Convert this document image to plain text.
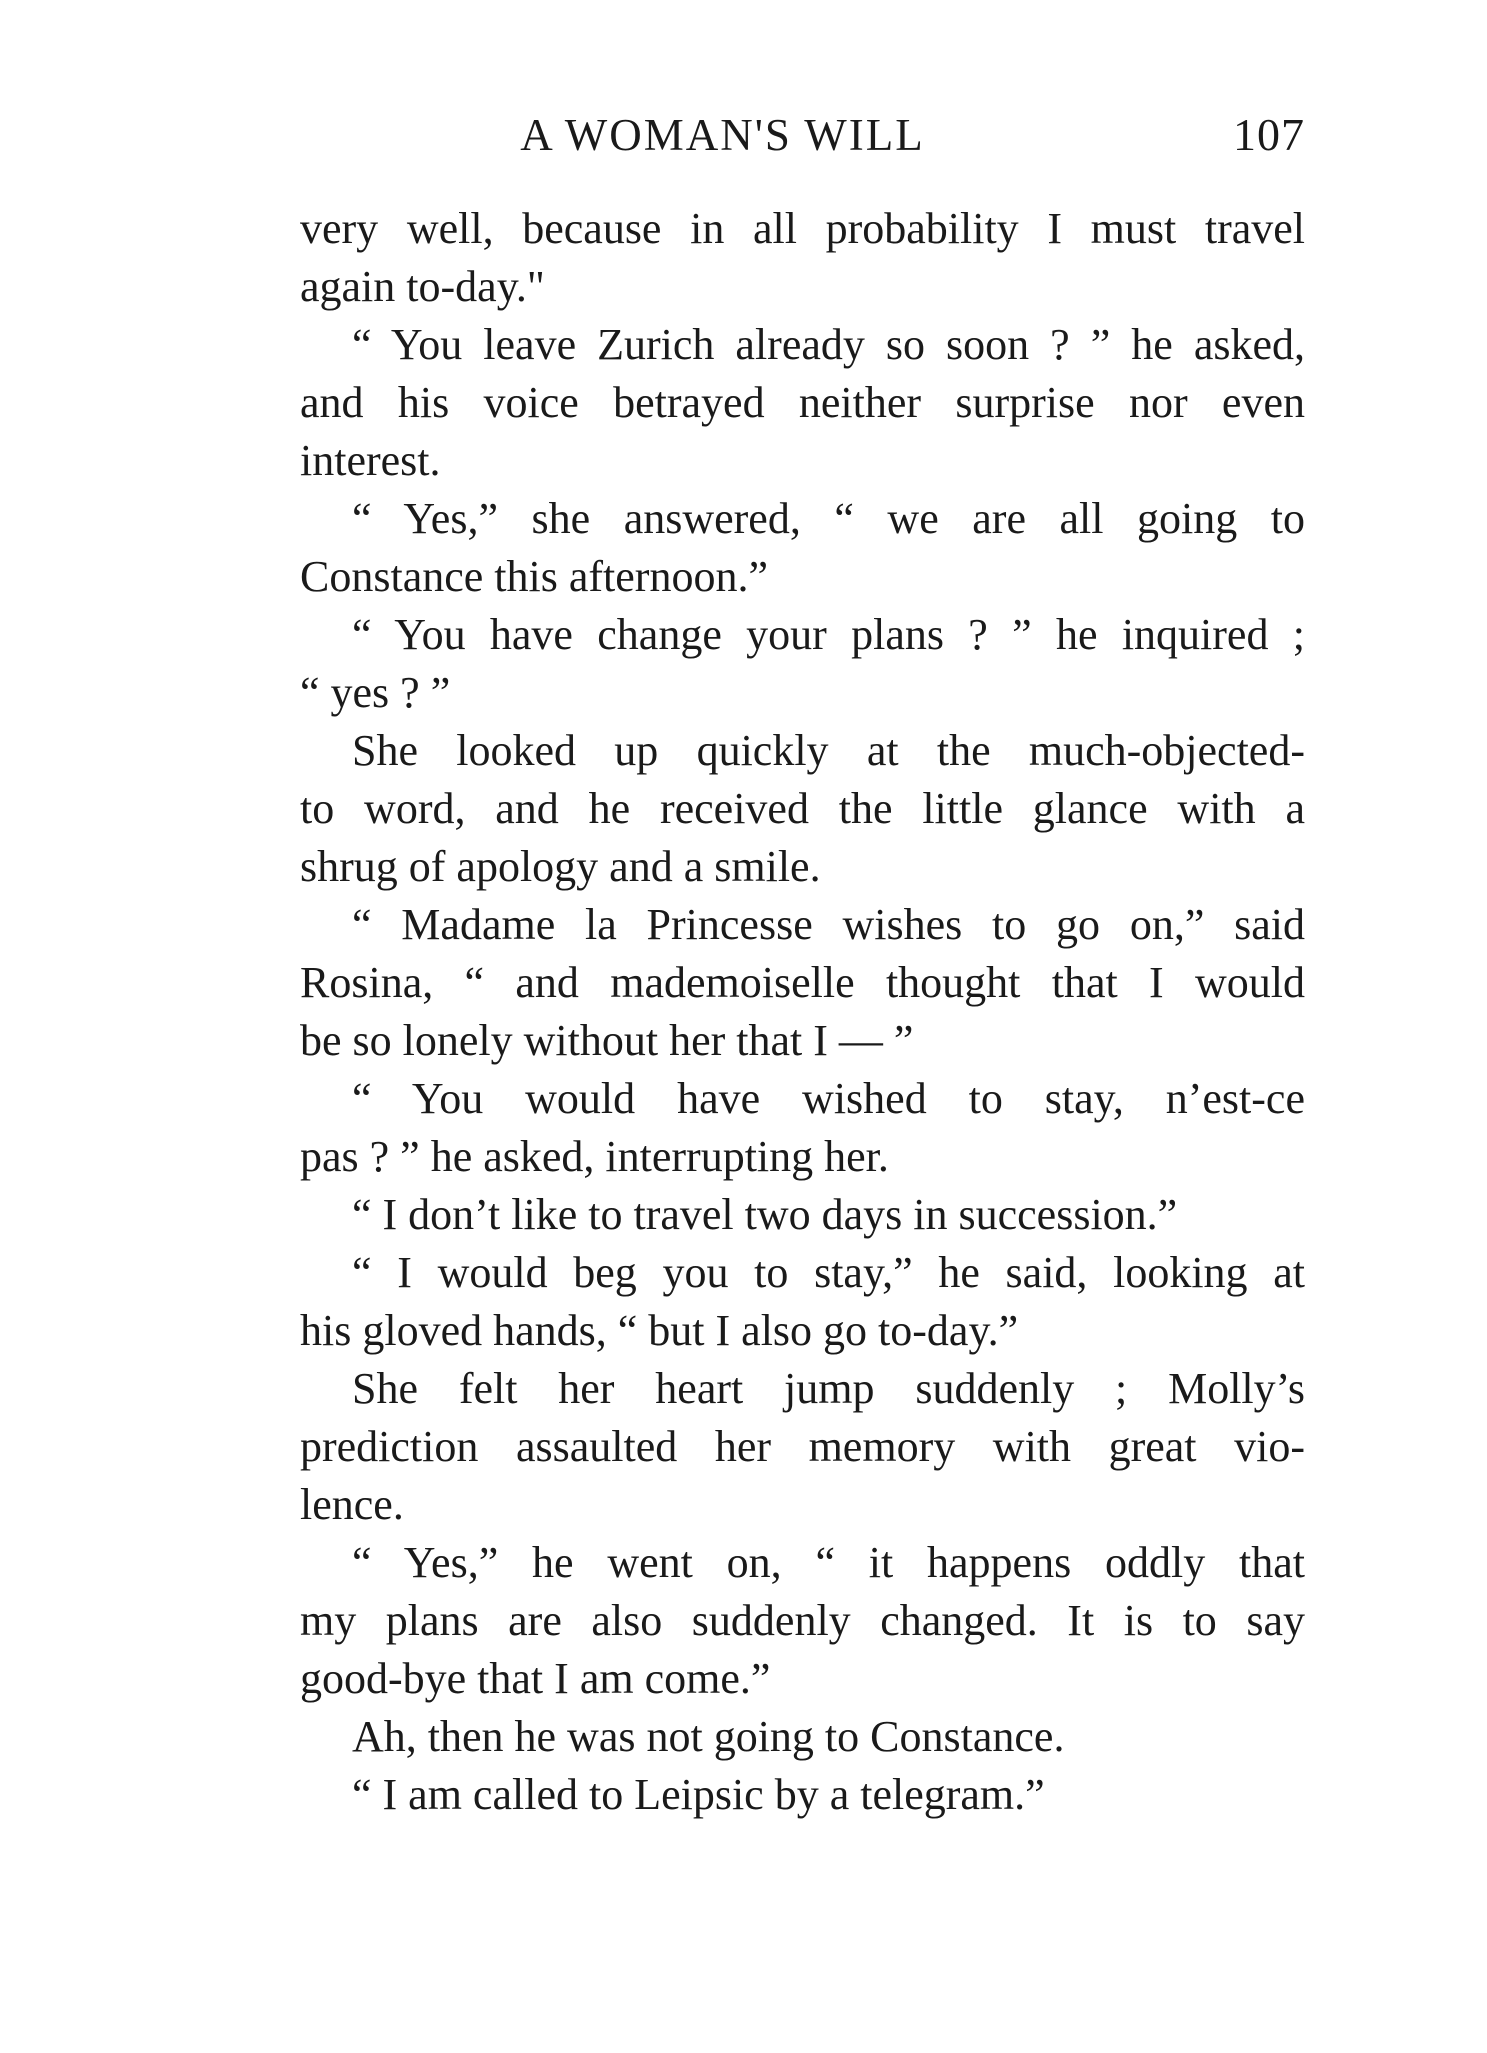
A WOMAN'S WILL	107
very well, because in all probability I must travel
again to-day."
“ You leave Zurich already so soon ? ” he asked,
and his voice betrayed neither surprise nor even
interest.
“ Yes,” she answered, “ we are all going to
Constance this afternoon.”
“ You have change your plans ? ” he inquired ;
“ yes ? ”
She looked up quickly at the much-objected-
to word, and he received the little glance with a
shrug of apology and a smile.
“ Madame la Princesse wishes to go on,” said
Rosina, “ and mademoiselle thought that I would
be so lonely without her that I — ”
“ You would have wished to stay, n’est-ce
pas ? ” he asked, interrupting her.
“ I don’t like to travel two days in succession.”
“ I would beg you to stay,” he said, looking at
his gloved hands, “ but I also go to-day.”
She felt her heart jump suddenly ; Molly’s
prediction assaulted her memory with great vio-
lence.
“ Yes,” he went on, “ it happens oddly that
my plans are also suddenly changed. It is to say
good-bye that I am come.”
Ah, then he was not going to Constance.
“ I am called to Leipsic by a telegram.”
